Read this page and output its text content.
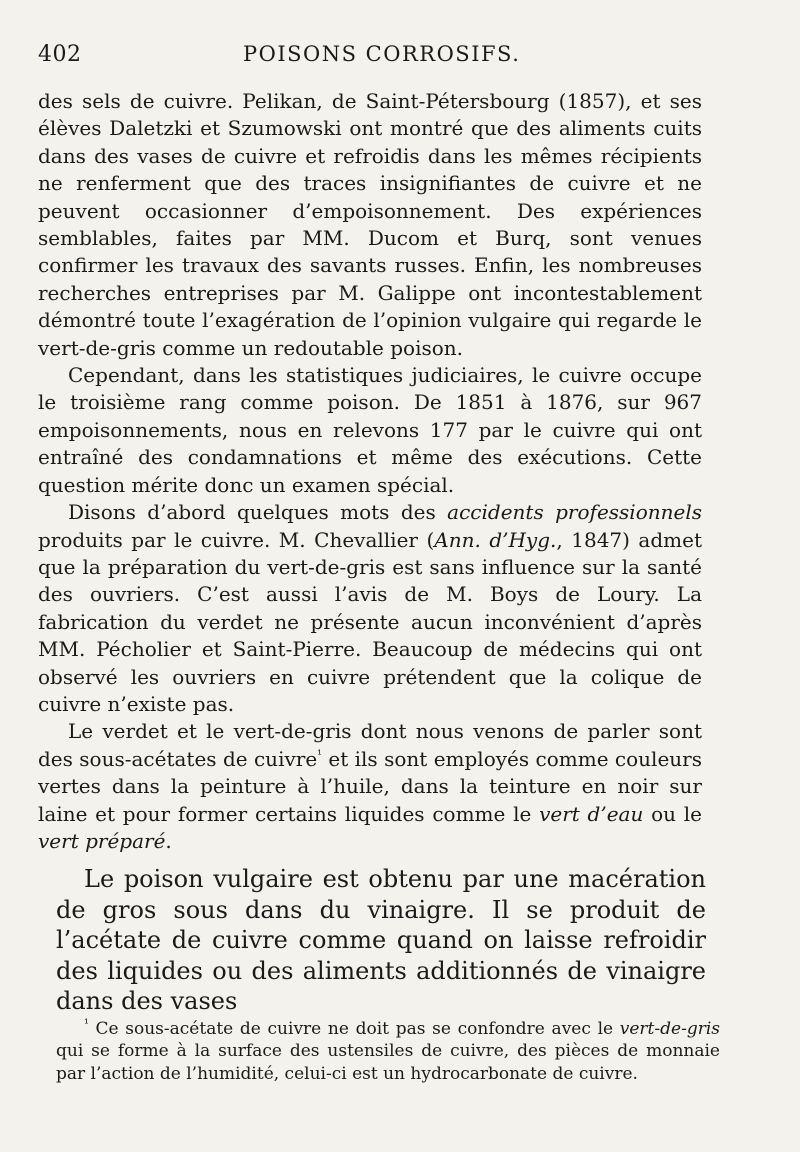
402	POISONS CORROSIFS.

des sels de cuivre. Pelikan, de Saint-Pétersbourg (1857), et ses élèves Daletzki et Szumowski ont montré que des aliments cuits dans des vases de cuivre et refroidis dans les mêmes récipients ne renferment que des traces insignifiantes de cuivre et ne peuvent occasionner d’empoisonnement. Des expériences semblables, faites par MM. Ducom et Burq, sont venues confirmer les travaux des savants russes. Enfin, les nombreuses recherches entreprises par M. Galippe ont incontestablement démontré toute l’exagération de l’opinion vulgaire qui regarde le vert-de-gris comme un redoutable poison.

Cependant, dans les statistiques judiciaires, le cuivre occupe le troisième rang comme poison. De 1851 à 1876, sur 967 empoisonnements, nous en relevons 177 par le cuivre qui ont entraîné des condamnations et même des exécutions. Cette question mérite donc un examen spécial.

Disons d’abord quelques mots des accidents professionnels produits par le cuivre. M. Chevallier (Ann. d’Hyg., 1847) admet que la préparation du vert-de-gris est sans influence sur la santé des ouvriers. C’est aussi l’avis de M. Boys de Loury. La fabrication du verdet ne présente aucun inconvénient d’après MM. Pécholier et Saint-Pierre. Beaucoup de médecins qui ont observé les ouvriers en cuivre prétendent que la colique de cuivre n’existe pas.

Le verdet et le vert-de-gris dont nous venons de parler sont des sous-acétates de cuivre$^{^1}$ et ils sont employés comme couleurs vertes dans la peinture à l’huile, dans la teinture en noir sur laine et pour former certains liquides comme le vert d’eau ou le vert préparé.

Le poison vulgaire est obtenu par une macération de gros sous dans du vinaigre. Il se produit de l’acétate de cuivre comme quand on laisse refroidir des liquides ou des aliments additionnés de vinaigre dans des vases

$^{^1}$ Ce sous-acétate de cuivre ne doit pas se confondre avec le vert-de-gris qui se forme à la surface des ustensiles de cuivre, des pièces de monnaie par l’action de l’humidité, celui-ci est un hydrocarbonate de cuivre.
